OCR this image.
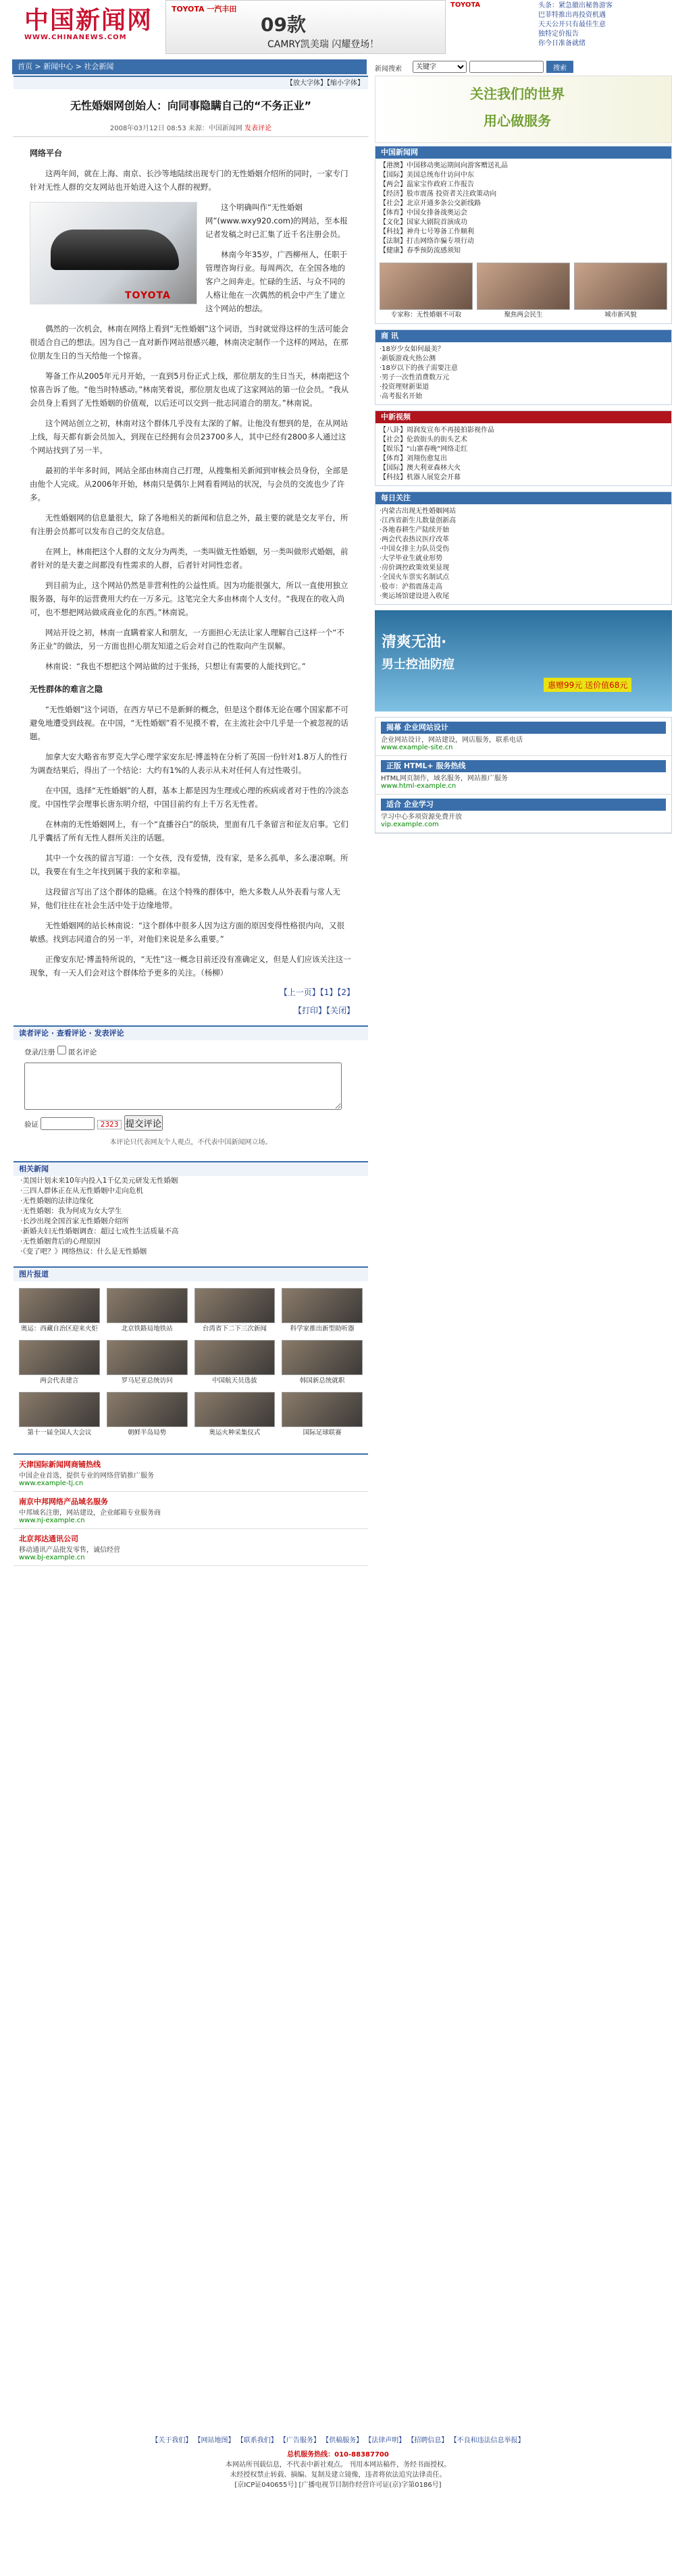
中国新闻网
WWW.CHINANEWS.COM
TOYOTA 一汽丰田
09款
CAMRY凯美瑞 闪耀登场！
TOYOTA	头条：紧急撤出秘鲁游客
巴菲特推出再投资机遇
天天公开只有最佳生意
独特定价报告
你今日准备就绪
首页 > 新闻中心 > 社会新闻	新闻搜索
关键字	搜索
【放大字体】【缩小字体】
无性婚姻网创始人：向同事隐瞒自己的“不务正业”
2008年03月12日 08:53 来源：中国新闻网 发表评论
网络平台

这两年间，就在上海、南京、长沙等地陆续出现专门的无性婚姻介绍所的同时，一家专门针对无性人群的交友网站也开始进入这个人群的视野。

TOYOTA

这个明确叫作“无性婚姻网”(www.wxy920.com)的网站，至本报记者发稿之时已汇集了近千名注册会员。

林南今年35岁，广西柳州人，任职于管理咨询行业。每周两次，在全国各地的客户之间奔走。忙碌的生活、与众不同的人格让他在一次偶然的机会中产生了建立这个网站的想法。

偶然的一次机会，林南在网络上看到“无性婚姻”这个词语，当时就觉得这样的生活可能会很适合自己的想法。因为自己一直对新作网站很感兴趣，林南决定制作一个这样的网站，在那位朋友生日的当天给他一个惊喜。

筹备工作从2005年元月开始，一直到5月份正式上线，那位朋友的生日当天，林南把这个惊喜告诉了他。“他当时特感动。”林南笑着说，那位朋友也成了这家网站的第一位会员。“我从会员身上看到了无性婚姻的价值观，以后还可以交到一批志同道合的朋友。”林南说。

这个网站创立之初，林南对这个群体几乎没有太深的了解。让他没有想到的是，在从网站上线，每天都有新会员加入，到现在已经拥有会员23700多人，其中已经有2800多人通过这个网站找到了另一半。

最初的半年多时间，网站全部由林南自己打理，从搜集相关新闻到审核会员身份，全部是由他个人完成。从2006年开始，林南只是偶尔上网看看网站的状况，与会员的交流也少了许多。

无性婚姻网的信息量很大，除了各地相关的新闻和信息之外，最主要的就是交友平台，所有注册会员都可以发布自己的交友信息。

在网上，林南把这个人群的文友分为两类，一类叫做无性婚姻，另一类叫做形式婚姻，前者针对的是夫妻之间都没有性需求的人群，后者针对同性恋者。

到目前为止，这个网站仍然是非营利性的公益性质。因为功能很强大，所以一直使用独立服务器，每年的运营费用大约在一万多元。这笔完全大多由林南个人支付。“我现在的收入尚可，也不想把网站做成商业化的东西。”林南说。

网站开设之初，林南一直瞒着家人和朋友，一方面担心无法让家人理解自己这样一个“不务正业”的做法，另一方面也担心朋友知道之后会对自己的性取向产生误解。

林南说：“我也不想把这个网站做的过于张扬，只想让有需要的人能找到它。”

无性群体的难言之隐

“无性婚姻”这个词语，在西方早已不是新鲜的概念，但是这个群体无论在哪个国家都不可避免地遭受到歧视。在中国，“无性婚姻”看不见摸不着，在主流社会中几乎是一个被忽视的话题。

加拿大安大略省布罗克大学心理学家安东尼·博盖特在分析了英国一份针对1.8万人的性行为调查结果后，得出了一个结论：大约有1%的人表示从未对任何人有过性吸引。

在中国，选择“无性婚姻”的人群，基本上都是因为生理或心理的疾病或者对于性的冷淡态度。中国性学会理事长唐东明介绍，中国目前约有上千万名无性者。

在林南的无性婚姻网上，有一个“直播谷白”的版块，里面有几千条留言和征友启事。它们几乎囊括了所有无性人群所关注的话题。

其中一个女孩的留言写道：一个女孩，没有爱情，没有家，是多么孤单，多么凄凉啊。所以，我要在有生之年找到属于我的家和幸福。

这段留言写出了这个群体的隐痛。在这个特殊的群体中，绝大多数人从外表看与常人无异，他们往往在社会生活中处于边缘地带。

无性婚姻网的站长林南说：“这个群体中很多人因为这方面的原因变得性格很内向，又很敏感。找到志同道合的另一半，对他们来说是多么重要。”

正像安东尼·博盖特所说的，“无性”这一概念目前还没有准确定义，但是人们应该关注这一现象，有一天人们会对这个群体给予更多的关注。（杨柳）

【上一页】【1】【2】
【打印】【关闭】
读者评论 · 查看评论 · 发表评论
登录/注册 匿名评论
验证	2323 提交评论
本评论只代表网友个人观点，不代表中国新闻网立场。
相关新闻
·美国计划未来10年内投入1千亿美元研发无性婚姻
·三四人群体正在从无性婚姻中走向危机
·无性婚姻的法律边缘化
·无性婚姻：我为何成为女大学生
·长沙出现全国首家无性婚姻介绍所
·新婚夫妇无性婚姻调查：超过七成性生活质量不高
·无性婚姻背后的心理原因
·《变了吧？》网络热议：什么是无性婚姻
图片报道
奥运：西藏自治区迎来火炬	北京铁路局地铁站	台湾省下二下三次新闻	科学家推出新型助听器
两会代表建言	罗马尼亚总统访问	中国航天员选拔	韩国新总统就职
第十一届全国人大会议	朝鲜半岛局势	奥运火种采集仪式	国际足球联赛
天津国际新闻网商铺热线
中国企业首选，提供专业的网络营销推广服务
www.example-tj.cn
南京中邦网络产品域名服务
中邦域名注册，网站建设，企业邮箱专业服务商
www.nj-example.cn
北京邦达通讯公司
移动通讯产品批发零售，诚信经营
www.bj-example.cn
关注我们的世界
用心做服务
中国新闻网
【港澳】中国移动奥运期间向游客赠送礼品
【国际】美国总统布什访问中东
【两会】温家宝作政府工作报告
【经济】股市震荡 投资者关注政策动向
【社会】北京开通多条公交新线路
【体育】中国女排备战奥运会
【文化】国家大剧院首演成功
【科技】神舟七号筹备工作顺利
【法制】打击网络诈骗专项行动
【健康】春季预防流感须知
专家称：无性婚姻不可取	聚焦两会民生	城市新风貌
商 讯
·18岁少女如何最美？
·新版游戏火热公测
·18岁以下的孩子需要注意
·男子一次性消费数万元
·投资理财新渠道
·高考报名开始
中新视频
【八卦】周润发宣布不再接拍影视作品
【社会】伦敦街头的街头艺术
【娱乐】“山寨春晚”网络走红
【体育】刘翔伤愈复出
【国际】澳大利亚森林大火
【科技】机器人展览会开幕
每日关注
·内蒙古出现无性婚姻网站
·江西省新生儿数量创新高
·各地春耕生产陆续开始
·两会代表热议医疗改革
·中国女排主力队员受伤
·大学毕业生就业形势
·房价调控政策效果显现
·全国火车票实名制试点
·股市：沪指震荡走高
·奥运场馆建设进入收尾
清爽无油·
男士控油防痘
惠赠99元 送价值68元
揭幕 企业网站设计
企业网站设计，网站建设，网店服务，联系电话
www.example-site.cn
正版 HTML+ 服务热线
HTML网页制作，域名服务，网站推广服务
www.html-example.cn
适合 企业学习
学习中心多项资源免费开放
vip.example.com
【关于我们】 【网站地图】 【联系我们】 【广告服务】 【供稿服务】 【法律声明】 【招聘信息】 【不良和违法信息举报】
总机服务热线：010-88387700
本网站所刊载信息，不代表中新社观点。 刊用本网站稿件，务经书面授权。
未经授权禁止转载、摘编、复制及建立镜像，违者将依法追究法律责任。
[京ICP证040655号] [广播电视节目制作经营许可证(京)字第0186号]
